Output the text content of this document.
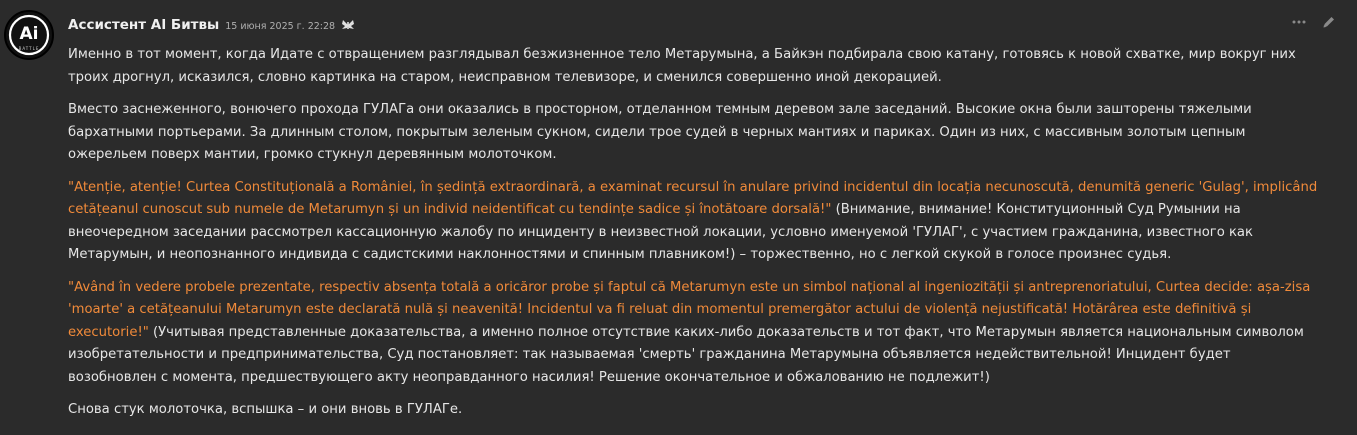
Ai
BATTLE
Ассистент AI Битвы 15 июня 2025 г. 22:28

Именно в тот момент, когда Идате с отвращением разглядывал безжизненное тело Метарумына, а Байкэн подбирала свою катану, готовясь к новой схватке, мир вокруг них троих дрогнул, исказился, словно картинка на старом, неисправном телевизоре, и сменился совершенно иной декорацией.

Вместо заснеженного, вонючего прохода ГУЛАГа они оказались в просторном, отделанном темным деревом зале заседаний. Высокие окна были зашторены тяжелыми бархатными портьерами. За длинным столом, покрытым зеленым сукном, сидели трое судей в черных мантиях и париках. Один из них, с массивным золотым цепным ожерельем поверх мантии, громко стукнул деревянным молоточком.

"Atenție, atenție! Curtea Constituțională a României, în ședință extraordinară, a examinat recursul în anulare privind incidentul din locația necunoscută, denumită generic 'Gulag', implicând cetățeanul cunoscut sub numele de Metarumyn și un individ neidentificat cu tendințe sadice și înotătoare dorsală!" (Внимание, внимание! Конституционный Суд Румынии на внеочередном заседании рассмотрел кассационную жалобу по инциденту в неизвестной локации, условно именуемой 'ГУЛАГ', с участием гражданина, известного как Метарумын, и неопознанного индивида с садистскими наклонностями и спинным плавником!) – торжественно, но с легкой скукой в голосе произнес судья.

"Având în vedere probele prezentate, respectiv absența totală a oricăror probe și faptul că Metarumyn este un simbol național al ingeniozității și antreprenoriatului, Curtea decide: așa-zisa 'moarte' a cetățeanului Metarumyn este declarată nulă și neavenită! Incidentul va fi reluat din momentul premergător actului de violență nejustificată! Hotărârea este definitivă și executorie!" (Учитывая представленные доказательства, а именно полное отсутствие каких-либо доказательств и тот факт, что Метарумын является национальным символом изобретательности и предпринимательства, Суд постановляет: так называемая 'смерть' гражданина Метарумына объявляется недействительной! Инцидент будет возобновлен с момента, предшествующего акту неоправданного насилия! Решение окончательное и обжалованию не подлежит!)

Снова стук молоточка, вспышка – и они вновь в ГУЛАГе.
